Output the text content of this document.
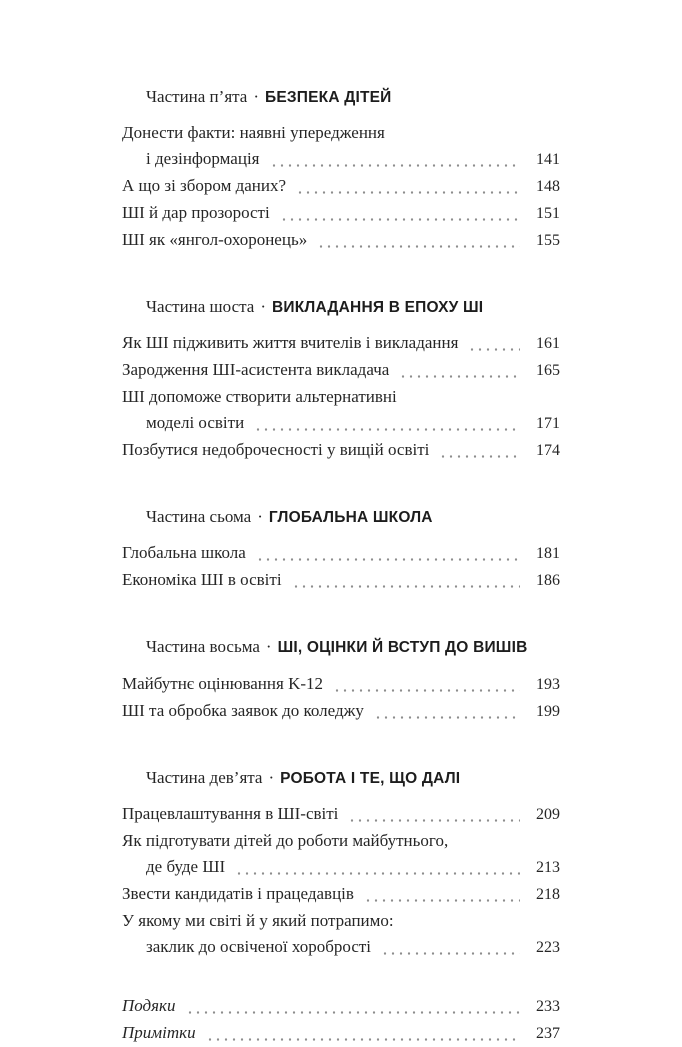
Частина п’ята · БЕЗПЕКА ДІТЕЙ
Донести факти: наявні упередження
і дезінформація	141
А що зі збором даних?	148
ШІ й дар прозорості	151
ШІ як «янгол-охоронець»	155
Частина шоста · ВИКЛАДАННЯ В ЕПОХУ ШІ
Як ШІ підживить життя вчителів і викладання	161
Зародження ШІ-асистента викладача	165
ШІ допоможе створити альтернативні
моделі освіти	171
Позбутися недоброчесності у вищій освіті	174
Частина сьома · ГЛОБАЛЬНА ШКОЛА
Глобальна школа	181
Економіка ШІ в освіті	186
Частина восьма · ШІ, ОЦІНКИ Й ВСТУП ДО ВИШІВ
Майбутнє оцінювання K-12	193
ШІ та обробка заявок до коледжу	199
Частина дев’ята · РОБОТА І ТЕ, ЩО ДАЛІ
Працевлаштування в ШІ-світі	209
Як підготувати дітей до роботи майбутнього,
де буде ШІ	213
Звести кандидатів і працедавців	218
У якому ми світі й у який потрапимо:
заклик до освіченої хоробрості	223
Подяки	233
Примітки	237
